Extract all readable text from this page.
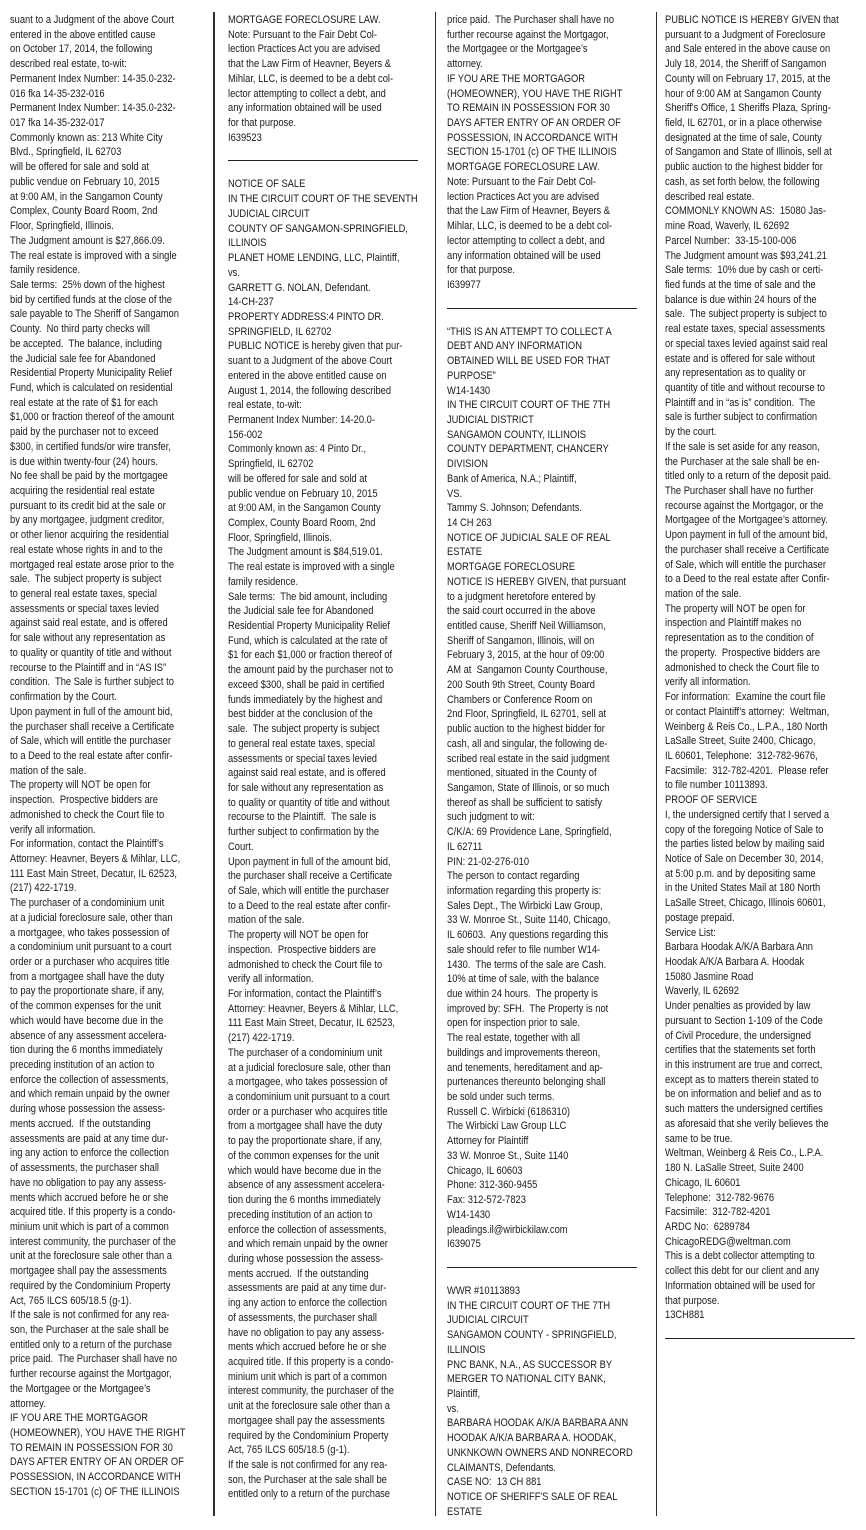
suant to a Judgment of the above Court
entered in the above entitled cause
on October 17, 2014, the following
described real estate, to-wit:
Permanent Index Number: 14-35.0-232-
016 fka 14-35-232-016
Permanent Index Number: 14-35.0-232-
017 fka 14-35-232-017
Commonly known as: 213 White City
Blvd., Springfield, IL 62703
will be offered for sale and sold at
public vendue on February 10, 2015
at 9:00 AM, in the Sangamon County
Complex, County Board Room, 2nd
Floor, Springfield, Illinois.
The Judgment amount is $27,866.09.
The real estate is improved with a single
family residence.
Sale terms:  25% down of the highest
bid by certified funds at the close of the
sale payable to The Sheriff of Sangamon
County.  No third party checks will
be accepted.  The balance, including
the Judicial sale fee for Abandoned
Residential Property Municipality Relief
Fund, which is calculated on residential
real estate at the rate of $1 for each
$1,000 or fraction thereof of the amount
paid by the purchaser not to exceed
$300, in certified funds/or wire transfer,
is due within twenty-four (24) hours.
No fee shall be paid by the mortgagee
acquiring the residential real estate
pursuant to its credit bid at the sale or
by any mortgagee, judgment creditor,
or other lienor acquiring the residential
real estate whose rights in and to the
mortgaged real estate arose prior to the
sale.  The subject property is subject
to general real estate taxes, special
assessments or special taxes levied
against said real estate, and is offered
for sale without any representation as
to quality or quantity of title and without
recourse to the Plaintiff and in “AS IS”
condition.  The Sale is further subject to
confirmation by the Court.
Upon payment in full of the amount bid,
the purchaser shall receive a Certificate
of Sale, which will entitle the purchaser
to a Deed to the real estate after confir-
mation of the sale.
The property will NOT be open for
inspection.  Prospective bidders are
admonished to check the Court file to
verify all information.
For information, contact the Plaintiff’s
Attorney: Heavner, Beyers & Mihlar, LLC,
111 East Main Street, Decatur, IL 62523,
(217) 422-1719.
The purchaser of a condominium unit
at a judicial foreclosure sale, other than
a mortgagee, who takes possession of
a condominium unit pursuant to a court
order or a purchaser who acquires title
from a mortgagee shall have the duty
to pay the proportionate share, if any,
of the common expenses for the unit
which would have become due in the
absence of any assessment accelera-
tion during the 6 months immediately
preceding institution of an action to
enforce the collection of assessments,
and which remain unpaid by the owner
during whose possession the assess-
ments accrued.  If the outstanding
assessments are paid at any time dur-
ing any action to enforce the collection
of assessments, the purchaser shall
have no obligation to pay any assess-
ments which accrued before he or she
acquired title. If this property is a condo-
minium unit which is part of a common
interest community, the purchaser of the
unit at the foreclosure sale other than a
mortgagee shall pay the assessments
required by the Condominium Property
Act, 765 ILCS 605/18.5 (g-1).
If the sale is not confirmed for any rea-
son, the Purchaser at the sale shall be
entitled only to a return of the purchase
price paid.  The Purchaser shall have no
further recourse against the Mortgagor,
the Mortgagee or the Mortgagee’s
attorney.
IF YOU ARE THE MORTGAGOR
(HOMEOWNER), YOU HAVE THE RIGHT
TO REMAIN IN POSSESSION FOR 30
DAYS AFTER ENTRY OF AN ORDER OF
POSSESSION, IN ACCORDANCE WITH
SECTION 15-1701 (c) OF THE ILLINOIS
MORTGAGE FORECLOSURE LAW.
Note: Pursuant to the Fair Debt Col-
lection Practices Act you are advised
that the Law Firm of Heavner, Beyers &
Mihlar, LLC, is deemed to be a debt col-
lector attempting to collect a debt, and
any information obtained will be used
for that purpose.
I639523
NOTICE OF SALE
IN THE CIRCUIT COURT OF THE SEVENTH
JUDICIAL CIRCUIT
COUNTY OF SANGAMON-SPRINGFIELD,
ILLINOIS
PLANET HOME LENDING, LLC, Plaintiff,
vs.
GARRETT G. NOLAN, Defendant.
14-CH-237
PROPERTY ADDRESS:4 PINTO DR.
SPRINGFIELD, IL 62702
PUBLIC NOTICE is hereby given that pur-
suant to a Judgment of the above Court
entered in the above entitled cause on
August 1, 2014, the following described
real estate, to-wit:
Permanent Index Number: 14-20.0-
156-002
Commonly known as: 4 Pinto Dr.,
Springfield, IL 62702
will be offered for sale and sold at
public vendue on February 10, 2015
at 9:00 AM, in the Sangamon County
Complex, County Board Room, 2nd
Floor, Springfield, Illinois.
The Judgment amount is $84,519.01.
The real estate is improved with a single
family residence.
Sale terms:  The bid amount, including
the Judicial sale fee for Abandoned
Residential Property Municipality Relief
Fund, which is calculated at the rate of
$1 for each $1,000 or fraction thereof of
the amount paid by the purchaser not to
exceed $300, shall be paid in certified
funds immediately by the highest and
best bidder at the conclusion of the
sale.  The subject property is subject
to general real estate taxes, special
assessments or special taxes levied
against said real estate, and is offered
for sale without any representation as
to quality or quantity of title and without
recourse to the Plaintiff.  The sale is
further subject to confirmation by the
Court.
Upon payment in full of the amount bid,
the purchaser shall receive a Certificate
of Sale, which will entitle the purchaser
to a Deed to the real estate after confir-
mation of the sale.
The property will NOT be open for
inspection.  Prospective bidders are
admonished to check the Court file to
verify all information.
For information, contact the Plaintiff’s
Attorney: Heavner, Beyers & Mihlar, LLC,
111 East Main Street, Decatur, IL 62523,
(217) 422-1719.
The purchaser of a condominium unit
at a judicial foreclosure sale, other than
a mortgagee, who takes possession of
a condominium unit pursuant to a court
order or a purchaser who acquires title
from a mortgagee shall have the duty
to pay the proportionate share, if any,
of the common expenses for the unit
which would have become due in the
absence of any assessment accelera-
tion during the 6 months immediately
preceding institution of an action to
enforce the collection of assessments,
and which remain unpaid by the owner
during whose possession the assess-
ments accrued.  If the outstanding
assessments are paid at any time dur-
ing any action to enforce the collection
of assessments, the purchaser shall
have no obligation to pay any assess-
ments which accrued before he or she
acquired title. If this property is a condo-
minium unit which is part of a common
interest community, the purchaser of the
unit at the foreclosure sale other than a
mortgagee shall pay the assessments
required by the Condominium Property
Act, 765 ILCS 605/18.5 (g-1).
If the sale is not confirmed for any rea-
son, the Purchaser at the sale shall be
entitled only to a return of the purchase
price paid.  The Purchaser shall have no
further recourse against the Mortgagor,
the Mortgagee or the Mortgagee’s
attorney.
IF YOU ARE THE MORTGAGOR
(HOMEOWNER), YOU HAVE THE RIGHT
TO REMAIN IN POSSESSION FOR 30
DAYS AFTER ENTRY OF AN ORDER OF
POSSESSION, IN ACCORDANCE WITH
SECTION 15-1701 (c) OF THE ILLINOIS
MORTGAGE FORECLOSURE LAW.
Note: Pursuant to the Fair Debt Col-
lection Practices Act you are advised
that the Law Firm of Heavner, Beyers &
Mihlar, LLC, is deemed to be a debt col-
lector attempting to collect a debt, and
any information obtained will be used
for that purpose.
I639977
“THIS IS AN ATTEMPT TO COLLECT A
DEBT AND ANY INFORMATION
OBTAINED WILL BE USED FOR THAT
PURPOSE”
W14-1430
IN THE CIRCUIT COURT OF THE 7TH
JUDICIAL DISTRICT
SANGAMON COUNTY, ILLINOIS
COUNTY DEPARTMENT, CHANCERY
DIVISION
Bank of America, N.A.; Plaintiff,
VS.
Tammy S. Johnson; Defendants.
14 CH 263
NOTICE OF JUDICIAL SALE OF REAL
ESTATE
MORTGAGE FORECLOSURE
NOTICE IS HEREBY GIVEN, that pursuant
to a judgment heretofore entered by
the said court occurred in the above
entitled cause, Sheriff Neil Williamson,
Sheriff of Sangamon, Illinois, will on
February 3, 2015, at the hour of 09:00
AM at  Sangamon County Courthouse,
200 South 9th Street, County Board
Chambers or Conference Room on
2nd Floor, Springfield, IL 62701, sell at
public auction to the highest bidder for
cash, all and singular, the following de-
scribed real estate in the said judgment
mentioned, situated in the County of
Sangamon, State of Illinois, or so much
thereof as shall be sufficient to satisfy
such judgment to wit:
C/K/A: 69 Providence Lane, Springfield,
IL 62711
PIN: 21-02-276-010
The person to contact regarding
information regarding this property is:
Sales Dept., The Wirbicki Law Group,
33 W. Monroe St., Suite 1140, Chicago,
IL 60603.  Any questions regarding this
sale should refer to file number W14-
1430.  The terms of the sale are Cash.
10% at time of sale, with the balance
due within 24 hours.  The property is
improved by: SFH.  The Property is not
open for inspection prior to sale.
The real estate, together with all
buildings and improvements thereon,
and tenements, hereditament and ap-
purtenances thereunto belonging shall
be sold under such terms.
Russell C. Wirbicki (6186310)
The Wirbicki Law Group LLC
Attorney for Plaintiff
33 W. Monroe St., Suite 1140
Chicago, IL 60603
Phone: 312-360-9455
Fax: 312-572-7823
W14-1430
pleadings.il@wirbickilaw.com
I639075
WWR #10113893
IN THE CIRCUIT COURT OF THE 7TH
JUDICIAL CIRCUIT
SANGAMON COUNTY - SPRINGFIELD,
ILLINOIS
PNC BANK, N.A., AS SUCCESSOR BY
MERGER TO NATIONAL CITY BANK,
Plaintiff,
vs.
BARBARA HOODAK A/K/A BARBARA ANN
HOODAK A/K/A BARBARA A. HOODAK,
UNKNKOWN OWNERS AND NONRECORD
CLAIMANTS, Defendants.
CASE NO:  13 CH 881
NOTICE OF SHERIFF'S SALE OF REAL
ESTATE
PUBLIC NOTICE IS HEREBY GIVEN that
pursuant to a Judgment of Foreclosure
and Sale entered in the above cause on
July 18, 2014, the Sheriff of Sangamon
County will on February 17, 2015, at the
hour of 9:00 AM at Sangamon County
Sheriff's Office, 1 Sheriffs Plaza, Spring-
field, IL 62701, or in a place otherwise
designated at the time of sale, County
of Sangamon and State of Illinois, sell at
public auction to the highest bidder for
cash, as set forth below, the following
described real estate.
COMMONLY KNOWN AS:  15080 Jas-
mine Road, Waverly, IL 62692
Parcel Number:  33-15-100-006
The Judgment amount was $93,241.21
Sale terms:  10% due by cash or certi-
fied funds at the time of sale and the
balance is due within 24 hours of the
sale.  The subject property is subject to
real estate taxes, special assessments
or special taxes levied against said real
estate and is offered for sale without
any representation as to quality or
quantity of title and without recourse to
Plaintiff and in “as is” condition.  The
sale is further subject to confirmation
by the court.
If the sale is set aside for any reason,
the Purchaser at the sale shall be en-
titled only to a return of the deposit paid.
The Purchaser shall have no further
recourse against the Mortgagor, or the
Mortgagee of the Mortgagee’s attorney.
Upon payment in full of the amount bid,
the purchaser shall receive a Certificate
of Sale, which will entitle the purchaser
to a Deed to the real estate after Confir-
mation of the sale.
The property will NOT be open for
inspection and Plaintiff makes no
representation as to the condition of
the property.  Prospective bidders are
admonished to check the Court file to
verify all information.
For information:  Examine the court file
or contact Plaintiff’s attorney:  Weltman,
Weinberg & Reis Co., L.P.A., 180 North
LaSalle Street, Suite 2400, Chicago,
IL 60601, Telephone:  312-782-9676,
Facsimile:  312-782-4201.  Please refer
to file number 10113893.
PROOF OF SERVICE
I, the undersigned certify that I served a
copy of the foregoing Notice of Sale to
the parties listed below by mailing said
Notice of Sale on December 30, 2014,
at 5:00 p.m. and by depositing same
in the United States Mail at 180 North
LaSalle Street, Chicago, Illinois 60601,
postage prepaid.
Service List:
Barbara Hoodak A/K/A Barbara Ann
Hoodak A/K/A Barbara A. Hoodak
15080 Jasmine Road
Waverly, IL 62692
Under penalties as provided by law
pursuant to Section 1-109 of the Code
of Civil Procedure, the undersigned
certifies that the statements set forth
in this instrument are true and correct,
except as to matters therein stated to
be on information and belief and as to
such matters the undersigned certifies
as aforesaid that she verily believes the
same to be true.
Weltman, Weinberg & Reis Co., L.P.A.
180 N. LaSalle Street, Suite 2400
Chicago, IL 60601
Telephone:  312-782-9676
Facsimile:  312-782-4201
ARDC No:  6289784
ChicagoREDG@weltman.com
This is a debt collector attempting to
collect this debt for our client and any
Information obtained will be used for
that purpose.
13CH881
